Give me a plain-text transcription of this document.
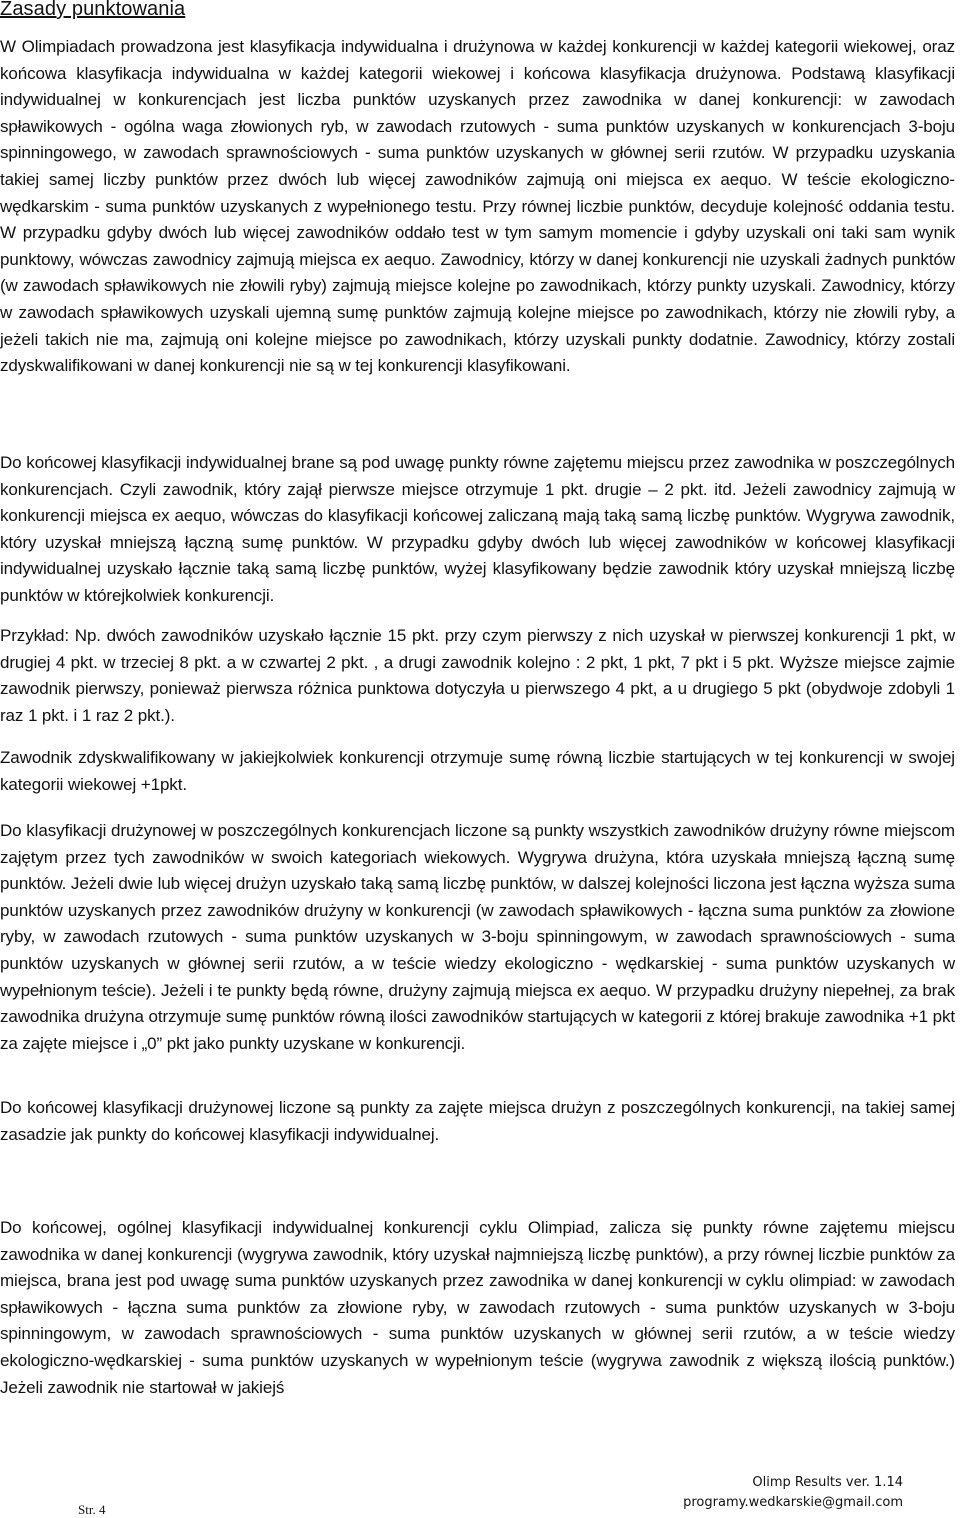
Zasady punktowania

W Olimpiadach prowadzona jest klasyfikacja indywidualna i drużynowa w każdej konkurencji w każdej kategorii wiekowej, oraz końcowa klasyfikacja indywidualna w każdej kategorii wiekowej i końcowa klasyfikacja drużynowa. Podstawą klasyfikacji indywidualnej w konkurencjach jest liczba punktów uzyskanych przez zawodnika w danej konkurencji: w zawodach spławikowych - ogólna waga złowionych ryb, w zawodach rzutowych - suma punktów uzyskanych w konkurencjach 3-boju spinningowego, w zawodach sprawnościowych - suma punktów uzyskanych w głównej serii rzutów. W przypadku uzyskania takiej samej liczby punktów przez dwóch lub więcej zawodników zajmują oni miejsca ex aequo. W teście ekologiczno-wędkarskim - suma punktów uzyskanych z wypełnionego testu. Przy równej liczbie punktów, decyduje kolejność oddania testu. W przypadku gdyby dwóch lub więcej zawodników oddało test w tym samym momencie i gdyby uzyskali oni taki sam wynik punktowy, wówczas zawodnicy zajmują miejsca ex aequo. Zawodnicy, którzy w danej konkurencji nie uzyskali żadnych punktów (w zawodach spławikowych nie złowili ryby) zajmują miejsce kolejne po zawodnikach, którzy punkty uzyskali. Zawodnicy, którzy w zawodach spławikowych uzyskali ujemną sumę punktów zajmują kolejne miejsce po zawodnikach, którzy nie złowili ryby, a jeżeli takich nie ma, zajmują oni kolejne miejsce po zawodnikach, którzy uzyskali punkty dodatnie. Zawodnicy, którzy zostali zdyskwalifikowani w danej konkurencji nie są w tej konkurencji klasyfikowani.

Do końcowej klasyfikacji indywidualnej brane są pod uwagę punkty równe zajętemu miejscu przez zawodnika w poszczególnych konkurencjach. Czyli zawodnik, który zajął pierwsze miejsce otrzymuje 1 pkt. drugie – 2 pkt. itd. Jeżeli zawodnicy zajmują w konkurencji miejsca ex aequo, wówczas do klasyfikacji końcowej zaliczaną mają taką samą liczbę punktów. Wygrywa zawodnik, który uzyskał mniejszą łączną sumę punktów. W przypadku gdyby dwóch lub więcej zawodników w końcowej klasyfikacji indywidualnej uzyskało łącznie taką samą liczbę punktów, wyżej klasyfikowany będzie zawodnik który uzyskał mniejszą liczbę punktów w którejkolwiek konkurencji.

Przykład: Np. dwóch zawodników uzyskało łącznie 15 pkt. przy czym pierwszy z nich uzyskał w pierwszej konkurencji 1 pkt, w drugiej 4 pkt. w trzeciej 8 pkt. a w czwartej 2 pkt. , a drugi zawodnik kolejno : 2 pkt, 1 pkt, 7 pkt i 5 pkt. Wyższe miejsce zajmie zawodnik pierwszy, ponieważ pierwsza różnica punktowa dotyczyła u pierwszego 4 pkt, a u drugiego 5 pkt (obydwoje zdobyli 1 raz 1 pkt. i 1 raz 2 pkt.).

Zawodnik zdyskwalifikowany w jakiejkolwiek konkurencji otrzymuje sumę równą liczbie startujących w tej konkurencji w swojej kategorii wiekowej +1pkt.

Do klasyfikacji drużynowej w poszczególnych konkurencjach liczone są punkty wszystkich zawodników drużyny równe miejscom zajętym przez tych zawodników w swoich kategoriach wiekowych. Wygrywa drużyna, która uzyskała mniejszą łączną sumę punktów. Jeżeli dwie lub więcej drużyn uzyskało taką samą liczbę punktów, w dalszej kolejności liczona jest łączna wyższa suma punktów uzyskanych przez zawodników drużyny w konkurencji (w zawodach spławikowych - łączna suma punktów za złowione ryby, w zawodach rzutowych - suma punktów uzyskanych w 3-boju spinningowym, w zawodach sprawnościowych - suma punktów uzyskanych w głównej serii rzutów, a w teście wiedzy ekologiczno - wędkarskiej - suma punktów uzyskanych w wypełnionym teście). Jeżeli i te punkty będą równe, drużyny zajmują miejsca ex aequo. W przypadku drużyny niepełnej, za brak zawodnika drużyna otrzymuje sumę punktów równą ilości zawodników startujących w kategorii z której brakuje zawodnika +1 pkt za zajęte miejsce i „0” pkt jako punkty uzyskane w konkurencji.

Do końcowej klasyfikacji drużynowej liczone są punkty za zajęte miejsca drużyn z poszczególnych konkurencji, na takiej samej zasadzie jak punkty do końcowej klasyfikacji indywidualnej.

Do końcowej, ogólnej klasyfikacji indywidualnej konkurencji cyklu Olimpiad, zalicza się punkty równe zajętemu miejscu zawodnika w danej konkurencji (wygrywa zawodnik, który uzyskał najmniejszą liczbę punktów), a przy równej liczbie punktów za miejsca, brana jest pod uwagę suma punktów uzyskanych przez zawodnika w danej konkurencji w cyklu olimpiad: w zawodach spławikowych - łączna suma punktów za złowione ryby, w zawodach rzutowych - suma punktów uzyskanych w 3-boju spinningowym, w zawodach sprawnościowych - suma punktów uzyskanych w głównej serii rzutów, a w teście wiedzy ekologiczno-wędkarskiej - suma punktów uzyskanych w wypełnionym teście (wygrywa zawodnik z większą ilością punktów.) Jeżeli zawodnik nie startował w jakiejś

Olimp Results ver. 1.14
programy.wedkarskie@gmail.com
Str. 4
